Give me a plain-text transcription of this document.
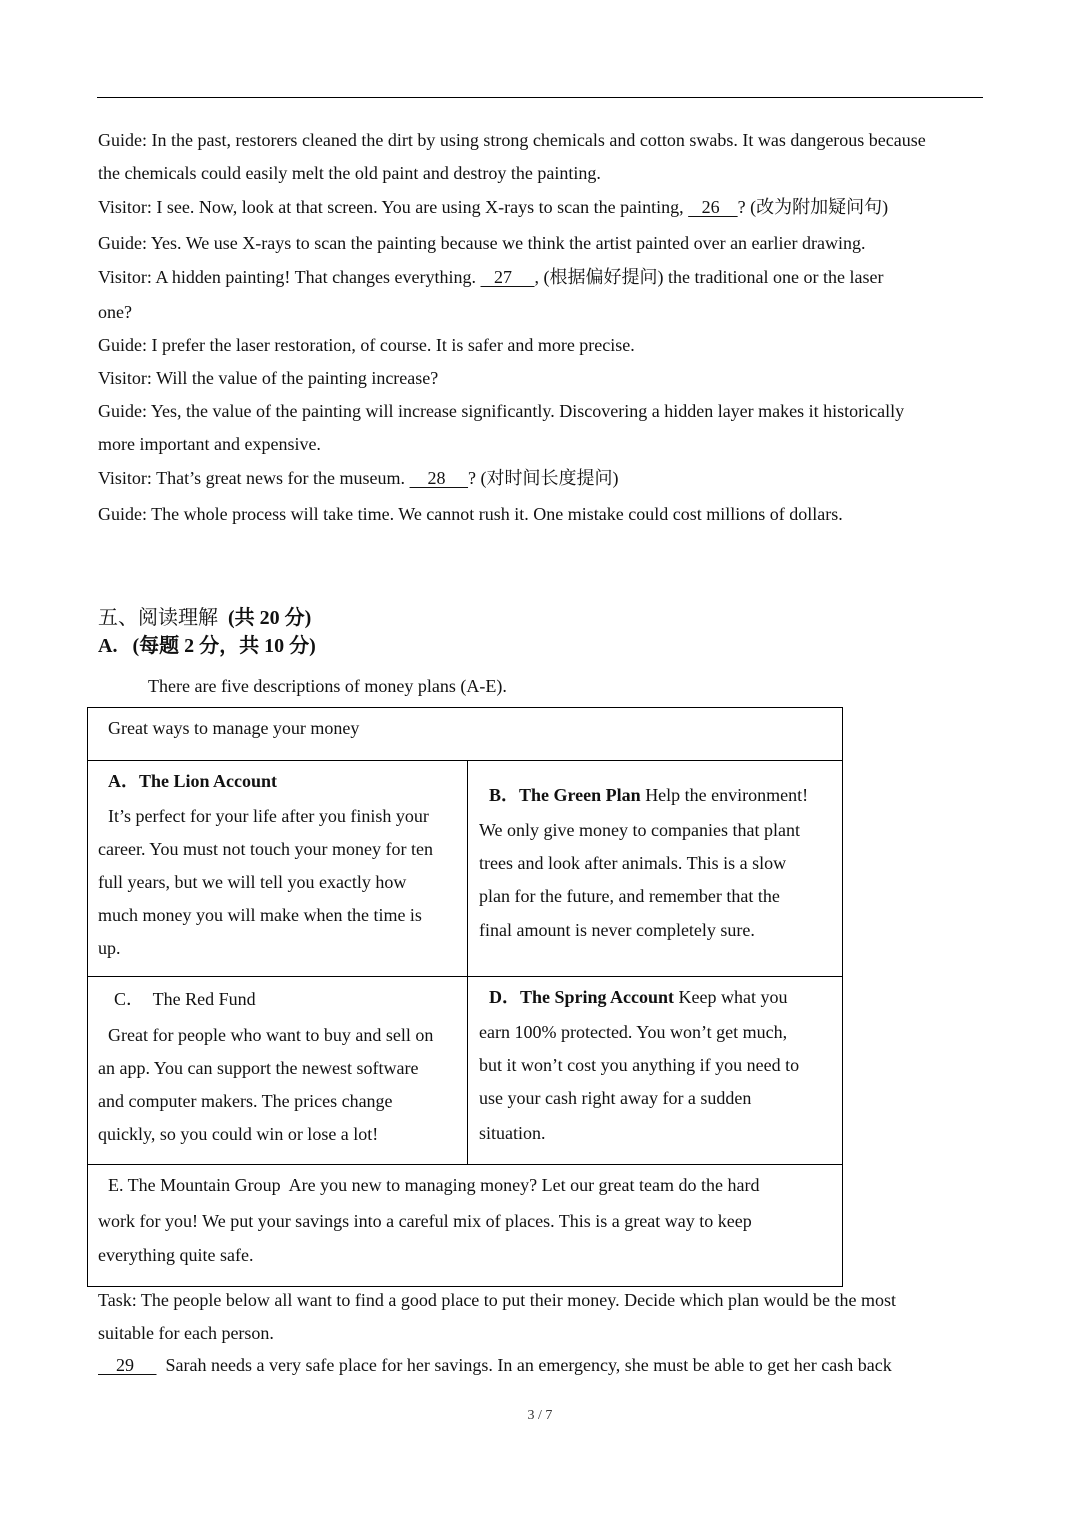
Guide: In the past, restorers cleaned the dirt by using strong chemicals and cotton swabs. It was dangerous because
the chemicals could easily melt the old paint and destroy the painting.
Visitor: I see. Now, look at that screen. You are using X-rays to scan the painting,    26    ? (改为附加疑问句)
Guide: Yes. We use X-rays to scan the painting because we think the artist painted over an earlier drawing.
Visitor: A hidden painting! That changes everything.    27     , (根据偏好提问) the traditional one or the laser
one?
Guide: I prefer the laser restoration, of course. It is safer and more precise.
Visitor: Will the value of the painting increase?
Guide: Yes, the value of the painting will increase significantly. Discovering a hidden layer makes it historically
more important and expensive.
Visitor: That’s great news for the museum.     28     ? (对时间长度提问)
Guide: The whole process will take time. We cannot rush it. One mistake could cost millions of dollars.
五、阅读理解 (共 20 分)
A. (每题 2 分，共 10 分)
There are five descriptions of money plans (A-E).
Great ways to manage your money
A．The Lion Account
It’s perfect for your life after you finish your
career. You must not touch your money for ten
full years, but we will tell you exactly how
much money you will make when the time is
up.
B．The Green Plan Help the environment!
We only give money to companies that plant
trees and look after animals. This is a slow
plan for the future, and remember that the
final amount is never completely sure.
C．  The Red Fund
Great for people who want to buy and sell on
an app. You can support the newest software
and computer makers. The prices change
quickly, so you could win or lose a lot!
D．The Spring Account Keep what you
earn 100% protected. You won’t get much,
but it won’t cost you anything if you need to
use your cash right away for a sudden
situation.
E. The Mountain Group  Are you new to managing money? Let our great team do the hard
work for you! We put your savings into a careful mix of places. This is a great way to keep
everything quite safe.
Task: The people below all want to find a good place to put their money. Decide which plan would be the most
suitable for each person.
29       Sarah needs a very safe place for her savings. In an emergency, she must be able to get her cash back
3 / 7
